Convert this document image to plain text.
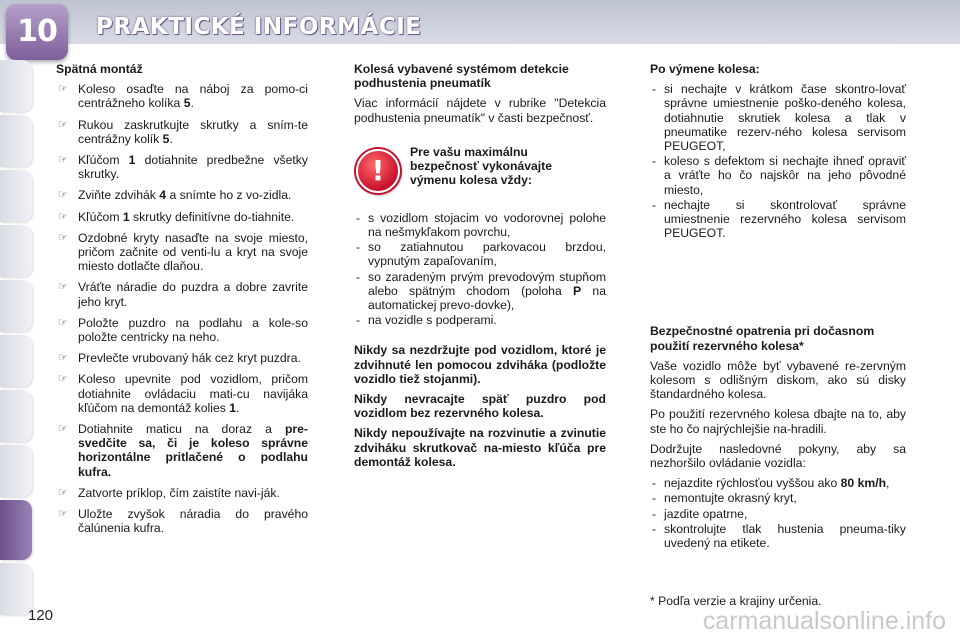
10	PRAKTICKÉ INFORMÁCIE
Spätná montáž
☞ Koleso osaďte na náboj za pomo-ci centrážneho kolíka 5.
☞ Rukou zaskrutkujte skrutky a sním-te centrážny kolík 5.
☞ Kľúčom 1 dotiahnite predbežne všetky skrutky.
☞ Zviňte zdvihák 4 a snímte ho z vo-zidla.
☞ Kľúčom 1 skrutky definitívne do-tiahnite.
☞ Ozdobné kryty nasaďte na svoje miesto, pričom začnite od venti-lu a kryt na svoje miesto dotlačte dlaňou.
☞ Vráťte náradie do puzdra a dobre zavrite jeho kryt.
☞ Položte puzdro na podlahu a kole-so položte centricky na neho.
☞ Prevlečte vrubovaný hák cez kryt puzdra.
☞ Koleso upevnite pod vozidlom, pričom dotiahnite ovládaciu mati-cu navijáka kľúčom na demontáž kolies 1.
☞ Dotiahnite maticu na doraz a pre-svedčite sa, či je koleso správne horizontálne pritlačené o podlahu kufra.
☞ Zatvorte príklop, čím zaistíte navi-ják.
☞ Uložte zvyšok náradia do pravého čalúnenia kufra.
Kolesá vybavené systémom detekcie podhustenia pneumatík

Viac informácií nájdete v rubrike "Detekcia podhustenia pneumatík" v časti bezpečnosť.

!
Pre vašu maximálnu bezpečnosť vykonávajte výmenu kolesa vždy:
- s vozidlom stojacim vo vodorovnej polohe na nešmykľakom povrchu,
- so zatiahnutou parkovacou brzdou, vypnutým zapaľovaním,
- so zaradeným prvým prevodovým stupňom alebo spätným chodom (poloha P na automatickej prevo-dovke),
- na vozidle s podperami.
Nikdy sa nezdržujte pod vozidlom, ktoré je zdvihnuté len pomocou zdviháka (podložte vozidlo tiež stojanmi).
Nikdy nevracajte späť puzdro pod vozidlom bez rezervného kolesa.
Nikdy nepoužívajte na rozvinutie a zvinutie zdviháku skrutkovač na-miesto kľúča pre demontáž kolesa.
Po výmene kolesa:
- si nechajte v krátkom čase skontro-lovať správne umiestnenie poško-deného kolesa, dotiahnutie skrutiek kolesa a tlak v pneumatike rezerv-ného kolesa servisom PEUGEOT,
- koleso s defektom si nechajte ihneď opraviť a vráťte ho čo najskôr na jeho pôvodné miesto,
- nechajte si skontrolovať správne umiestnenie rezervného kolesa servisom PEUGEOT.
Bezpečnostné opatrenia pri dočasnom použití rezervného kolesa*

Vaše vozidlo môže byť vybavené re-zervným kolesom s odlišným diskom, ako sú disky štandardného kolesa.

Po použití rezervného kolesa dbajte na to, aby ste ho čo najrýchlejšie na-hradili.

Dodržujte nasledovné pokyny, aby sa nezhoršilo ovládanie vozidla:

- nejazdite rýchlosťou vyššou ako 80 km/h,
- nemontujte okrasný kryt,
- jazdite opatrne,
- skontrolujte tlak hustenia pneuma-tiky uvedený na etikete.
* Podľa verzie a krajiny určenia.
120	carmanualsonline.info
